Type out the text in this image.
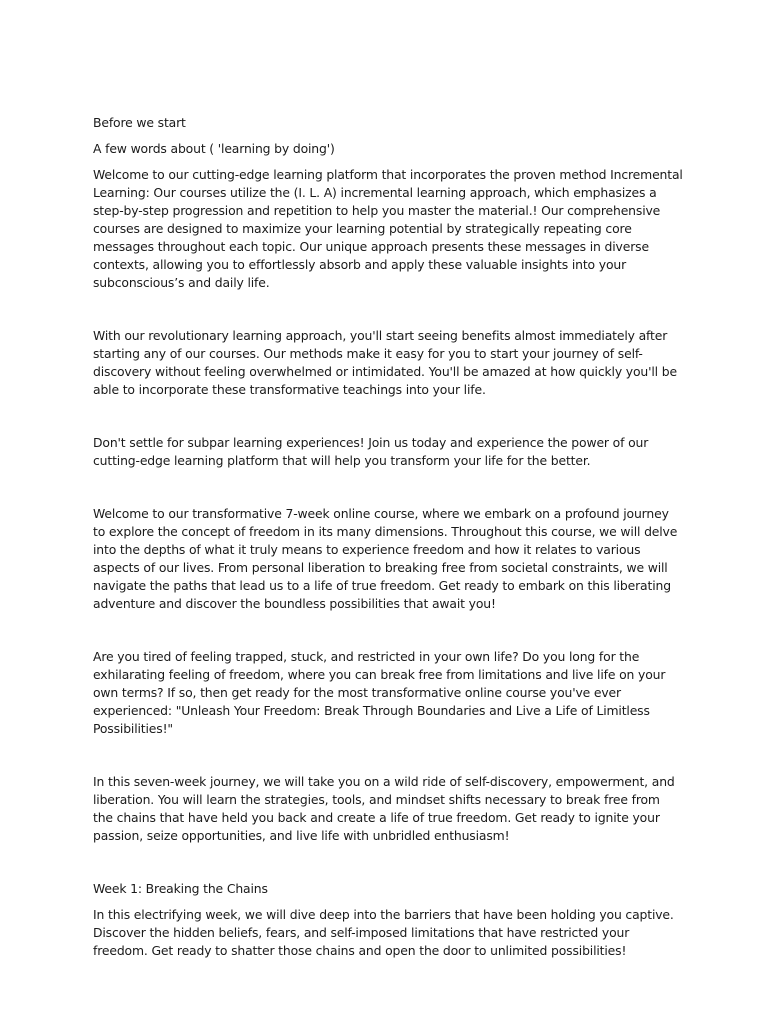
Before we start

A few words about ( 'learning by doing')

Welcome to our cutting-edge learning platform that incorporates the proven method Incremental Learning: Our courses utilize the (I. L. A) incremental learning approach, which emphasizes a step-by-step progression and repetition to help you master the material.! Our comprehensive courses are designed to maximize your learning potential by strategically repeating core messages throughout each topic. Our unique approach presents these messages in diverse contexts, allowing you to effortlessly absorb and apply these valuable insights into your subconscious’s and daily life.

With our revolutionary learning approach, you'll start seeing benefits almost immediately after starting any of our courses. Our methods make it easy for you to start your journey of self-discovery without feeling overwhelmed or intimidated. You'll be amazed at how quickly you'll be able to incorporate these transformative teachings into your life.

Don't settle for subpar learning experiences! Join us today and experience the power of our cutting-edge learning platform that will help you transform your life for the better.

Welcome to our transformative 7-week online course, where we embark on a profound journey to explore the concept of freedom in its many dimensions. Throughout this course, we will delve into the depths of what it truly means to experience freedom and how it relates to various aspects of our lives. From personal liberation to breaking free from societal constraints, we will navigate the paths that lead us to a life of true freedom. Get ready to embark on this liberating adventure and discover the boundless possibilities that await you!

Are you tired of feeling trapped, stuck, and restricted in your own life? Do you long for the exhilarating feeling of freedom, where you can break free from limitations and live life on your own terms? If so, then get ready for the most transformative online course you've ever experienced: "Unleash Your Freedom: Break Through Boundaries and Live a Life of Limitless Possibilities!"

In this seven-week journey, we will take you on a wild ride of self-discovery, empowerment, and liberation. You will learn the strategies, tools, and mindset shifts necessary to break free from the chains that have held you back and create a life of true freedom. Get ready to ignite your passion, seize opportunities, and live life with unbridled enthusiasm!

Week 1: Breaking the Chains

In this electrifying week, we will dive deep into the barriers that have been holding you captive. Discover the hidden beliefs, fears, and self-imposed limitations that have restricted your freedom. Get ready to shatter those chains and open the door to unlimited possibilities!
